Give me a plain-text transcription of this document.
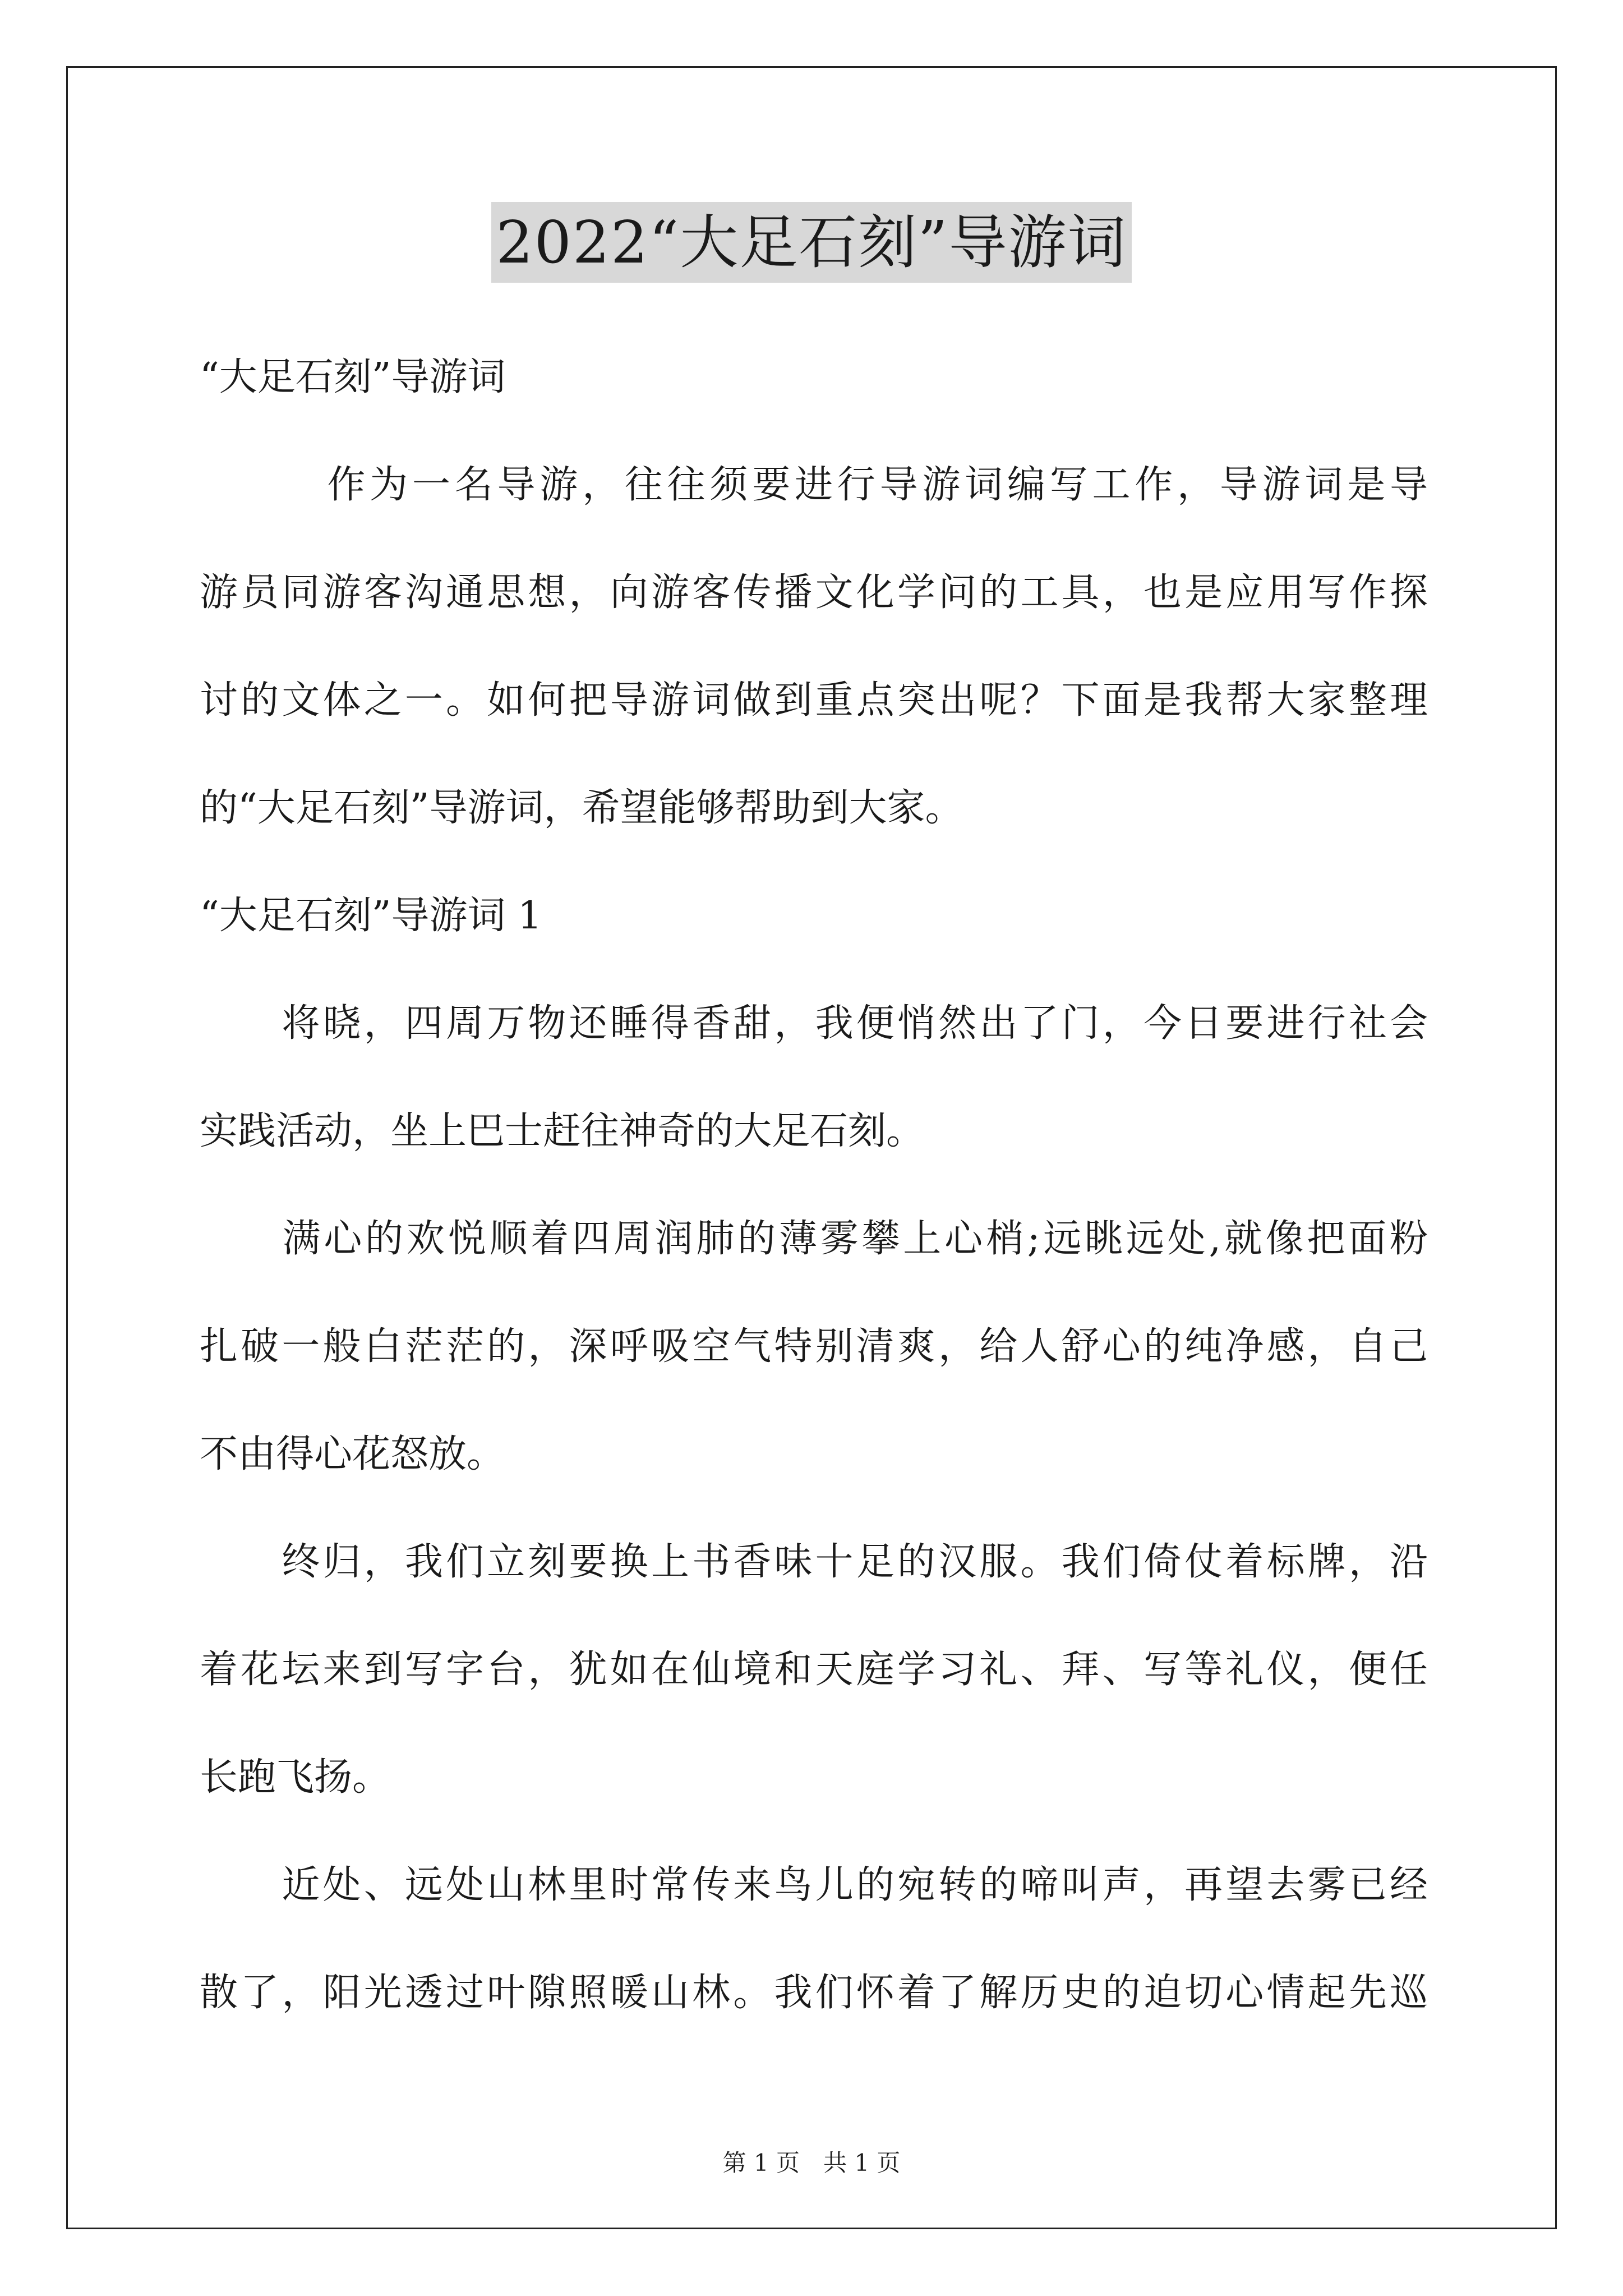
2022“大足石刻”导游词
“大足石刻”导游词
　　　作为一名导游，往往须要进行导游词编写工作，导游词是导
游员同游客沟通思想，向游客传播文化学问的工具，也是应用写作探
讨的文体之一。如何把导游词做到重点突出呢？下面是我帮大家整理
的“大足石刻”导游词，希望能够帮助到大家。
“大足石刻”导游词 1
　　将晓，四周万物还睡得香甜，我便悄然出了门，今日要进行社会
实践活动，坐上巴士赶往神奇的大足石刻。
　　满心的欢悦顺着四周润肺的薄雾攀上心梢;远眺远处,就像把面粉
扎破一般白茫茫的，深呼吸空气特别清爽，给人舒心的纯净感，自己
不由得心花怒放。
　　终归，我们立刻要换上书香味十足的汉服。我们倚仗着标牌，沿
着花坛来到写字台，犹如在仙境和天庭学习礼、拜、写等礼仪，便任
长跑飞扬。
　　近处、远处山林里时常传来鸟儿的宛转的啼叫声，再望去雾已经
散了，阳光透过叶隙照暖山林。我们怀着了解历史的迫切心情起先巡
第 1 页　共 1 页
